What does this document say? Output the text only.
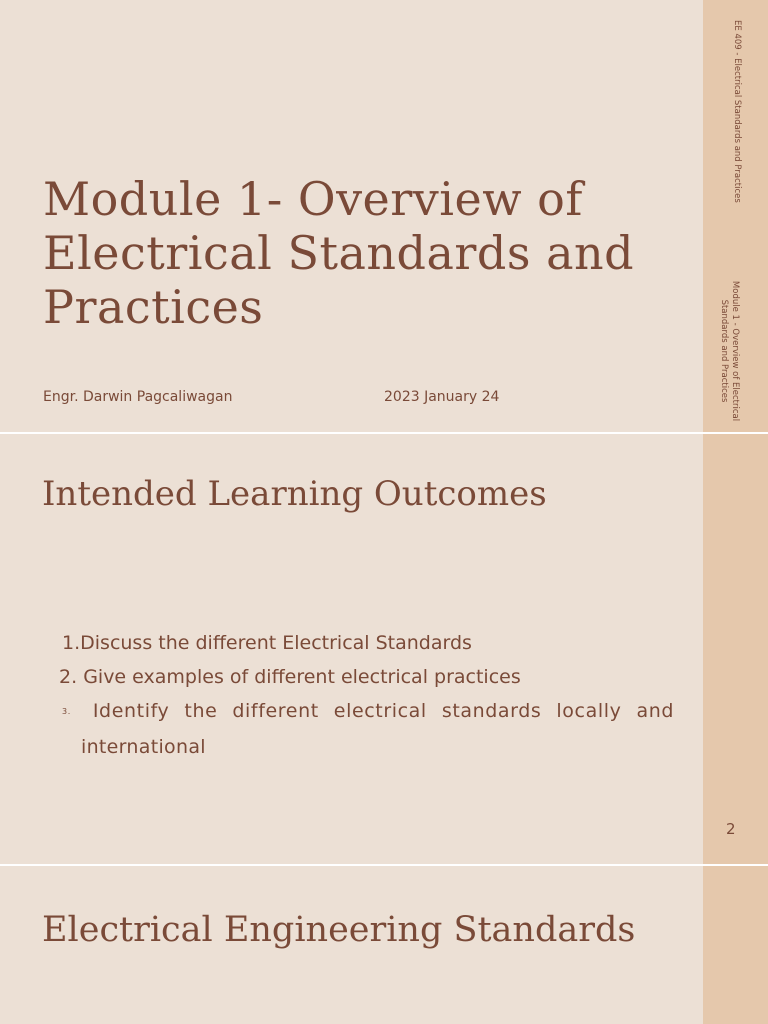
Module 1- Overview of Electrical Standards and Practices
Engr. Darwin Pagcaliwagan	2023 January 24
EE 409 - Electrical Standards and Practices
Module 1 - Overview of Electrical Standards and Practices
Intended Learning Outcomes
1.Discuss the different Electrical Standards
2. Give examples of different electrical practices
3. Identify the different electrical standards locally and
international
2
Electrical Engineering Standards
